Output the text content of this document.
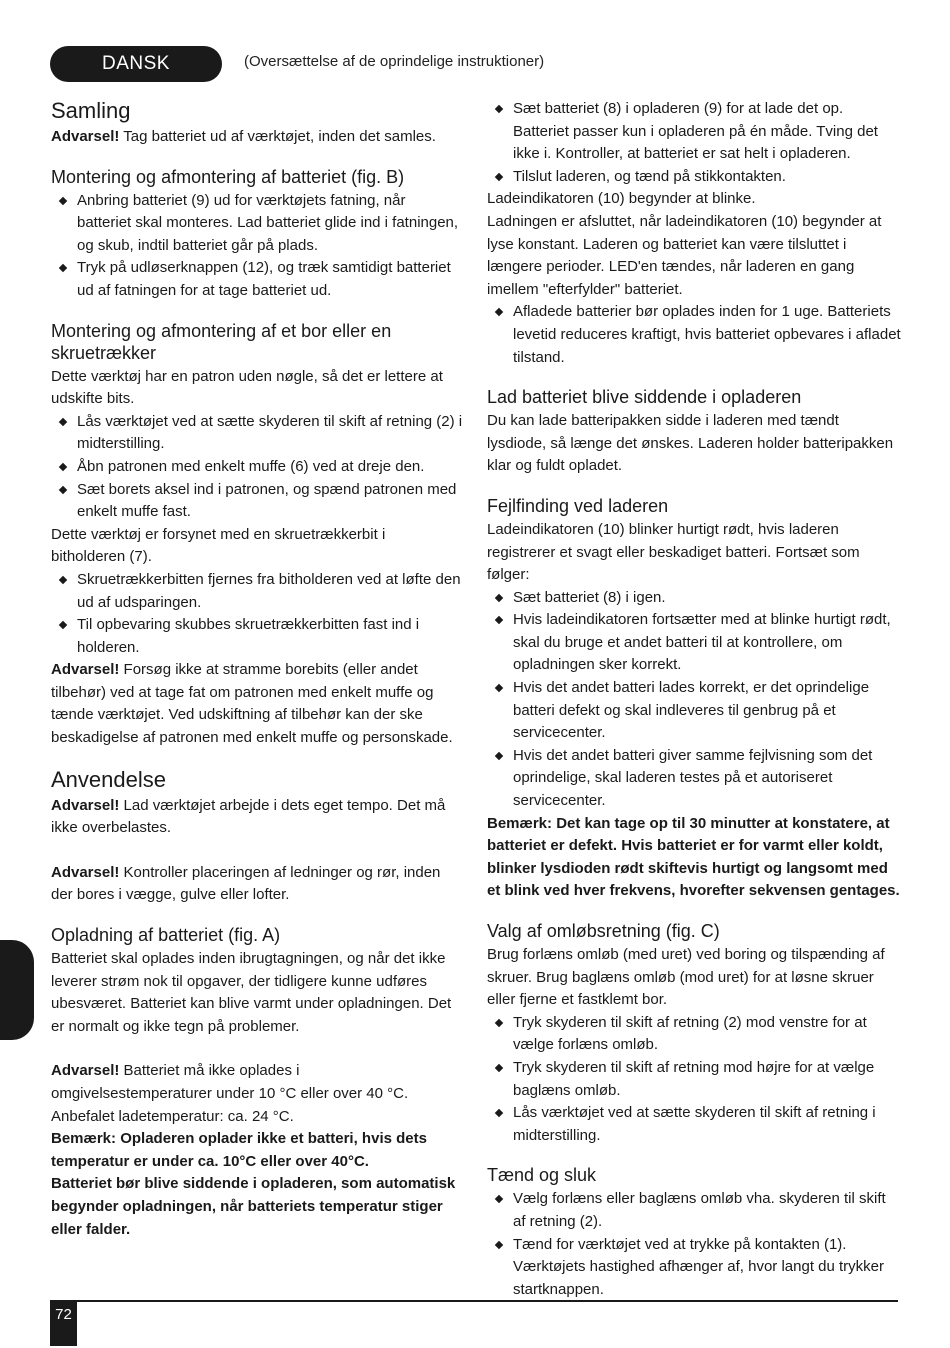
DANSK	(Oversættelse af de oprindelige instruktioner)
Samling

Advarsel! Tag batteriet ud af værktøjet, inden det samles.

Montering og afmontering af batteriet (fig. B)
Anbring batteriet (9) ud for værktøjets fatning, når batteriet skal monteres. Lad batteriet glide ind i fatningen, og skub, indtil batteriet går på plads.
Tryk på udløserknappen (12), og træk samtidigt batteriet ud af fatningen for at tage batteriet ud.
Montering og afmontering af et bor eller en skruetrækker

Dette værktøj har en patron uden nøgle, så det er lettere at udskifte bits.

Lås værktøjet ved at sætte skyderen til skift af retning (2) i midterstilling.
Åbn patronen med enkelt muffe (6) ved at dreje den.
Sæt borets aksel ind i patronen, og spænd patronen med enkelt muffe fast.

Dette værktøj er forsynet med en skruetrækkerbit i bitholderen (7).

Skruetrækkerbitten fjernes fra bitholderen ved at løfte den ud af udsparingen.
Til opbevaring skubbes skruetrækkerbitten fast ind i holderen.

Advarsel! Forsøg ikke at stramme borebits (eller andet tilbehør) ved at tage fat om patronen med enkelt muffe og tænde værktøjet. Ved udskiftning af tilbehør kan der ske beskadigelse af patronen med enkelt muffe og personskade.

Anvendelse

Advarsel! Lad værktøjet arbejde i dets eget tempo. Det må ikke overbelastes.

Advarsel! Kontroller placeringen af ledninger og rør, inden der bores i vægge, gulve eller lofter.

Opladning af batteriet (fig. A)

Batteriet skal oplades inden ibrugtagningen, og når det ikke leverer strøm nok til opgaver, der tidligere kunne udføres ubesværet. Batteriet kan blive varmt under opladningen. Det er normalt og ikke tegn på problemer.

Advarsel! Batteriet må ikke oplades i omgivelsestemperaturer under 10 °C eller over 40 °C. Anbefalet ladetemperatur: ca. 24 °C.

Bemærk: Opladeren oplader ikke et batteri, hvis dets temperatur er under ca. 10°C eller over 40°C.

Batteriet bør blive siddende i opladeren, som automatisk begynder opladningen, når batteriets temperatur stiger eller falder.

Sæt batteriet (8) i opladeren (9) for at lade det op. Batteriet passer kun i opladeren på én måde. Tving det ikke i. Kontroller, at batteriet er sat helt i opladeren.
Tilslut laderen, og tænd på stikkontakten.

Ladeindikatoren (10) begynder at blinke.

Ladningen er afsluttet, når ladeindikatoren (10) begynder at lyse konstant. Laderen og batteriet kan være tilsluttet i længere perioder. LED'en tændes, når laderen en gang imellem "efterfylder" batteriet.

Afladede batterier bør oplades inden for 1 uge. Batteriets levetid reduceres kraftigt, hvis batteriet opbevares i afladet tilstand.
Lad batteriet blive siddende i opladeren

Du kan lade batteripakken sidde i laderen med tændt lysdiode, så længe det ønskes. Laderen holder batteripakken klar og fuldt opladet.

Fejlfinding ved laderen

Ladeindikatoren (10) blinker hurtigt rødt, hvis laderen registrerer et svagt eller beskadiget batteri. Fortsæt som følger:

Sæt batteriet (8) i igen.
Hvis ladeindikatoren fortsætter med at blinke hurtigt rødt, skal du bruge et andet batteri til at kontrollere, om opladningen sker korrekt.
Hvis det andet batteri lades korrekt, er det oprindelige batteri defekt og skal indleveres til genbrug på et servicecenter.
Hvis det andet batteri giver samme fejlvisning som det oprindelige, skal laderen testes på et autoriseret servicecenter.

Bemærk: Det kan tage op til 30 minutter at konstatere, at batteriet er defekt. Hvis batteriet er for varmt eller koldt, blinker lysdioden rødt skiftevis hurtigt og langsomt med et blink ved hver frekvens, hvorefter sekvensen gentages.

Valg af omløbsretning (fig. C)

Brug forlæns omløb (med uret) ved boring og tilspænding af skruer. Brug baglæns omløb (mod uret) for at løsne skruer eller fjerne et fastklemt bor.

Tryk skyderen til skift af retning (2) mod venstre for at vælge forlæns omløb.
Tryk skyderen til skift af retning mod højre for at vælge baglæns omløb.
Lås værktøjet ved at sætte skyderen til skift af retning i midterstilling.
Tænd og sluk
Vælg forlæns eller baglæns omløb vha. skyderen til skift af retning (2).
Tænd for værktøjet ved at trykke på kontakten (1). Værktøjets hastighed afhænger af, hvor langt du trykker startknappen.
72
